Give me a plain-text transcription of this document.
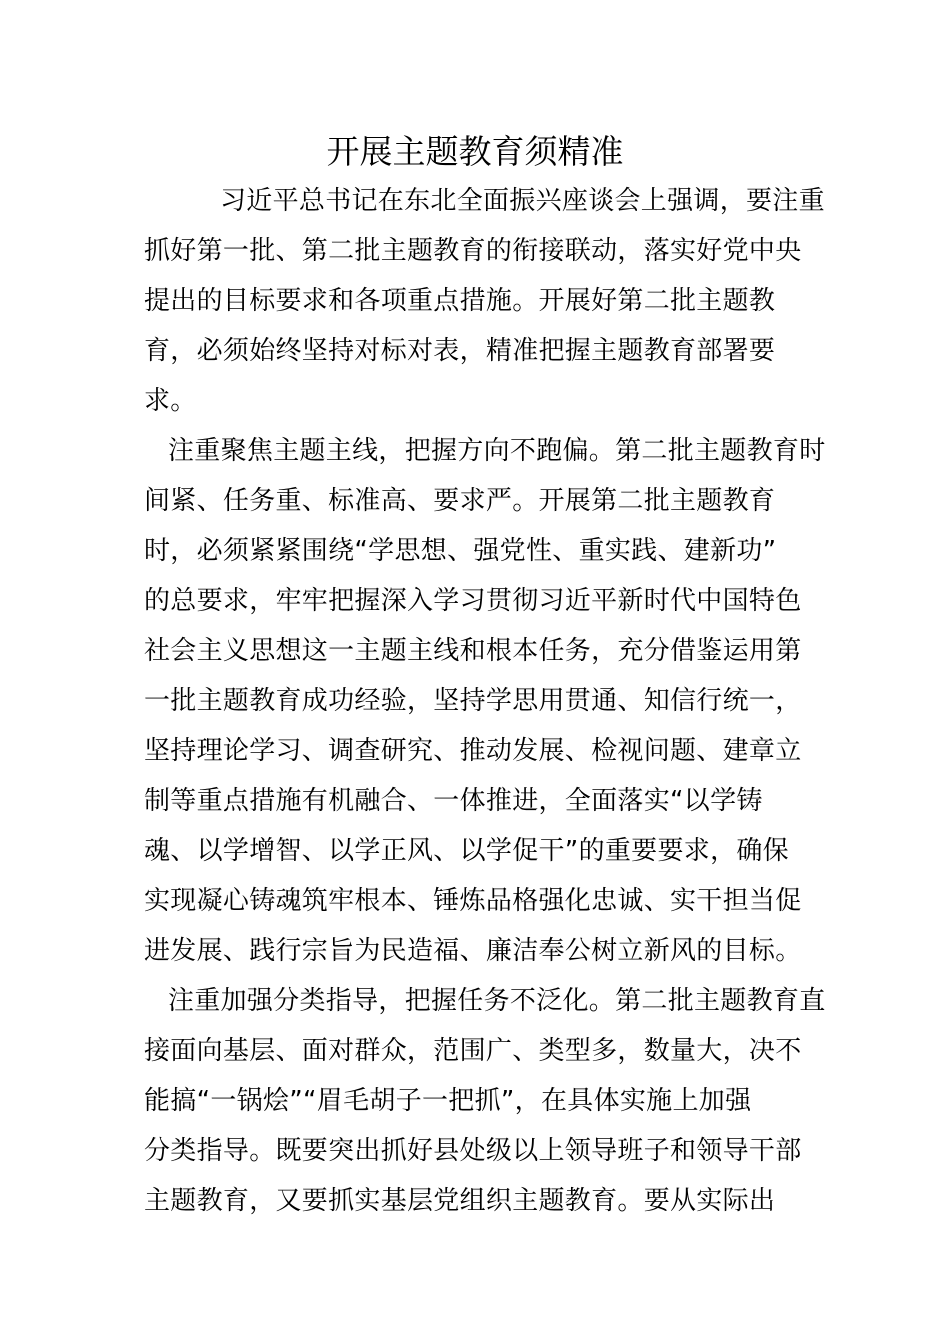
开展主题教育须精准
习近平总书记在东北全面振兴座谈会上强调，要注重
抓好第一批、第二批主题教育的衔接联动，落实好党中央
提出的目标要求和各项重点措施。开展好第二批主题教
育，必须始终坚持对标对表，精准把握主题教育部署要
求。
注重聚焦主题主线，把握方向不跑偏。第二批主题教育时
间紧、任务重、标准高、要求严。开展第二批主题教育
时，必须紧紧围绕“学思想、强党性、重实践、建新功”
的总要求，牢牢把握深入学习贯彻习近平新时代中国特色
社会主义思想这一主题主线和根本任务，充分借鉴运用第
一批主题教育成功经验，坚持学思用贯通、知信行统一，
坚持理论学习、调查研究、推动发展、检视问题、建章立
制等重点措施有机融合、一体推进，全面落实“以学铸
魂、以学增智、以学正风、以学促干”的重要要求，确保
实现凝心铸魂筑牢根本、锤炼品格强化忠诚、实干担当促
进发展、践行宗旨为民造福、廉洁奉公树立新风的目标。
注重加强分类指导，把握任务不泛化。第二批主题教育直
接面向基层、面对群众，范围广、类型多，数量大，决不
能搞“一锅烩”“眉毛胡子一把抓”，在具体实施上加强
分类指导。既要突出抓好县处级以上领导班子和领导干部
主题教育，又要抓实基层党组织主题教育。要从实际出
